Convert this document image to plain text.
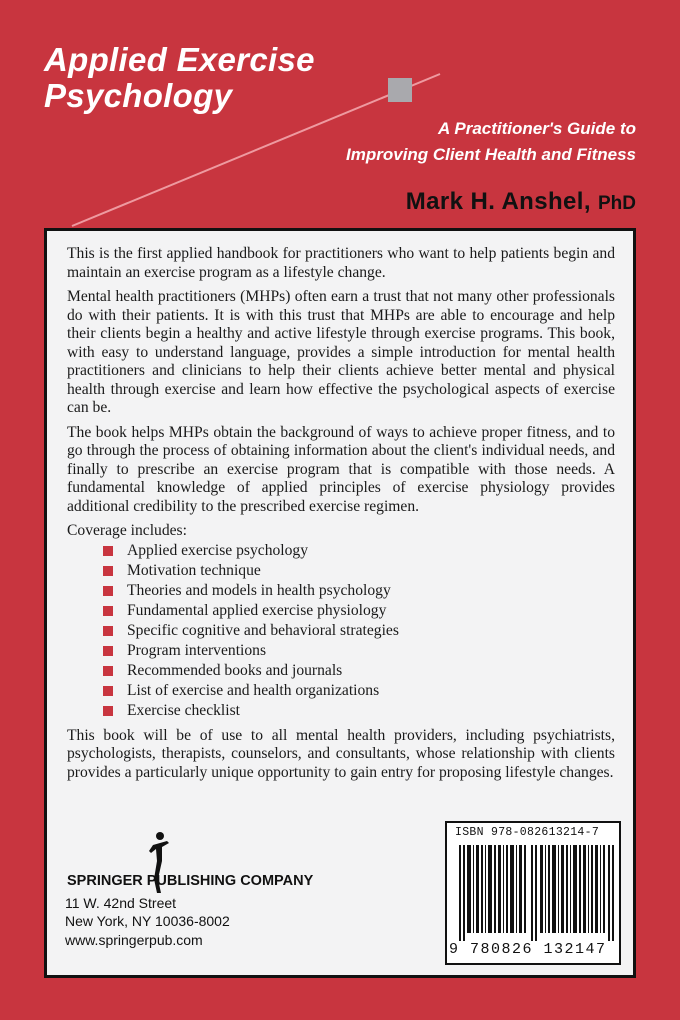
Applied Exercise
Psychology
A Practitioner's Guide to
Improving Client Health and Fitness
Mark H. Anshel, PhD

This is the first applied handbook for practitioners who want to help patients begin and maintain an exercise program as a lifestyle change.

Mental health practitioners (MHPs) often earn a trust that not many other professionals do with their patients. It is with this trust that MHPs are able to encourage and help their clients begin a healthy and active lifestyle through exercise programs. This book, with easy to understand language, provides a simple introduction for mental health practitioners and clinicians to help their clients achieve better mental and physical health through exercise and learn how effective the psychological aspects of exercise can be.

The book helps MHPs obtain the background of ways to achieve proper fitness, and to go through the process of obtaining information about the client's individual needs, and finally to prescribe an exercise program that is compatible with those needs. A fundamental knowledge of applied principles of exercise physiology provides additional credibility to the prescribed exercise regimen.

Coverage includes:

Applied exercise psychology
Motivation technique
Theories and models in health psychology
Fundamental applied exercise physiology
Specific cognitive and behavioral strategies
Program interventions
Recommended books and journals
List of exercise and health organizations
Exercise checklist

This book will be of use to all mental health providers, including psychiatrists, psychologists, therapists, counselors, and consultants, whose relationship with clients provides a particularly unique opportunity to gain entry for proposing lifestyle changes.

SPRINGER PUBLISHING COMPANY
11 W. 42nd Street
New York, NY 10036-8002
www.springerpub.com
ISBN 978-082613214-7
9 780826 132147
